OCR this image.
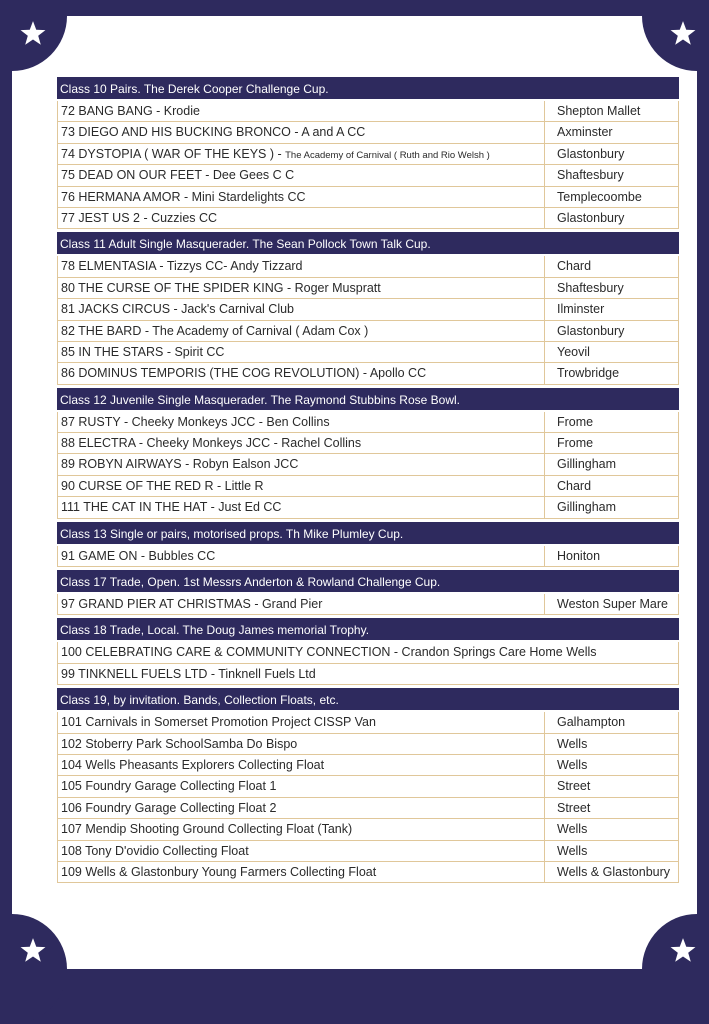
Class 10 Pairs. The Derek Cooper Challenge Cup.
72 BANG BANG - Krodie	Shepton Mallet
73 DIEGO AND HIS BUCKING BRONCO - A and A CC	Axminster
74 DYSTOPIA ( WAR OF THE KEYS ) - The Academy of Carnival ( Ruth and Rio Welsh )	Glastonbury
75 DEAD ON OUR FEET - Dee Gees C C	Shaftesbury
76 HERMANA AMOR - Mini Stardelights CC	Templecoombe
77 JEST US 2 - Cuzzies CC	Glastonbury
Class 11 Adult Single Masquerader. The Sean Pollock Town Talk Cup.
78 ELMENTASIA - Tizzys CC- Andy Tizzard	Chard
80 THE CURSE OF THE SPIDER KING - Roger Muspratt	Shaftesbury
81 JACKS CIRCUS - Jack's Carnival Club	Ilminster
82 THE BARD - The Academy of Carnival ( Adam Cox )	Glastonbury
85 IN THE STARS - Spirit CC	Yeovil
86 DOMINUS TEMPORIS (THE COG REVOLUTION) - Apollo CC	Trowbridge
Class 12 Juvenile Single Masquerader. The Raymond Stubbins Rose Bowl.
87 RUSTY - Cheeky Monkeys JCC - Ben Collins	Frome
88 ELECTRA - Cheeky Monkeys JCC - Rachel Collins	Frome
89 ROBYN AIRWAYS - Robyn Ealson JCC	Gillingham
90 CURSE OF THE RED R - Little R	Chard
111 THE CAT IN THE HAT - Just Ed CC	Gillingham
Class 13 Single or pairs, motorised props. Th Mike Plumley Cup.
91 GAME ON - Bubbles CC	Honiton
Class 17 Trade, Open. 1st Messrs Anderton & Rowland Challenge Cup.
97 GRAND PIER AT CHRISTMAS - Grand Pier	Weston Super Mare
Class 18 Trade, Local. The Doug James memorial Trophy.
100 CELEBRATING CARE & COMMUNITY CONNECTION - Crandon Springs Care Home Wells
99 TINKNELL FUELS LTD - Tinknell Fuels Ltd
Class 19, by invitation. Bands, Collection Floats, etc.
101 Carnivals in Somerset Promotion Project CISSP Van	Galhampton
102 Stoberry Park SchoolSamba Do Bispo	Wells
104 Wells Pheasants Explorers Collecting Float	Wells
105 Foundry Garage Collecting Float 1	Street
106 Foundry Garage Collecting Float 2	Street
107 Mendip Shooting Ground Collecting Float (Tank)	Wells
108 Tony D'ovidio Collecting Float	Wells
109 Wells & Glastonbury Young Farmers Collecting Float	Wells & Glastonbury
